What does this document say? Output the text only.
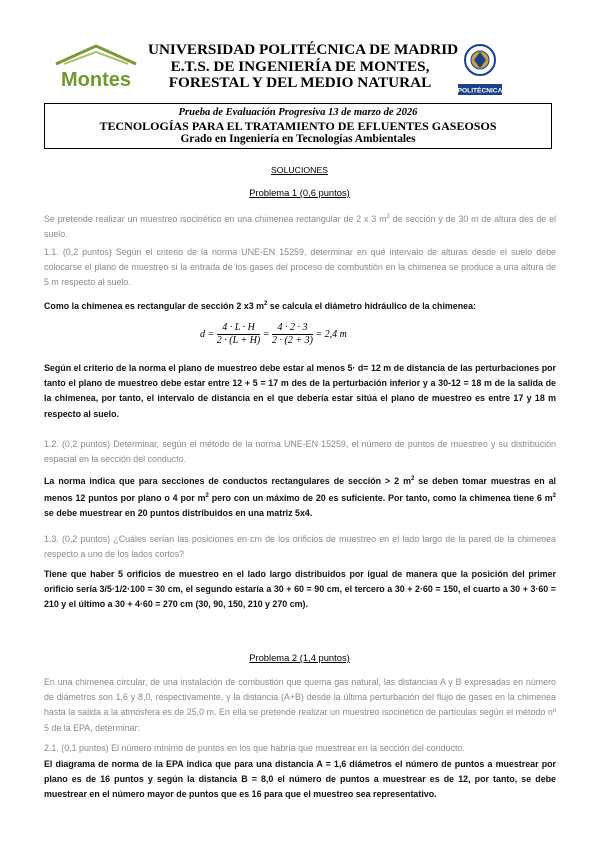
Montes	POLITÉCNICA
UNIVERSIDAD POLITÉCNICA DE MADRID
E.T.S. DE INGENIERÍA DE MONTES,
FORESTAL Y DEL MEDIO NATURAL
Prueba de Evaluación Progresiva 13 de marzo de 2026
TECNOLOGÍAS PARA EL TRATAMIENTO DE EFLUENTES GASEOSOS
Grado en Ingeniería en Tecnologías Ambientales
SOLUCIONES
Problema 1 (0,6 puntos)
Se pretende realizar un muestreo isocinético en una chimenea rectangular de 2 x 3 $m^2$ de sección y de 30 m de altura des de el suelo.
1.1. (0,2 puntos) Según el criterio de la norma UNE-EN 15259, determinar en qué intervalo de alturas desde el suelo debe colocarse el plano de muestreo si la entrada de los gases del proceso de combustión en la chimenea se produce a una altura de 5 m respecto al suelo.
Como la chimenea es rectangular de sección 2 x3 $m^2$ se calcula el diámetro hidráulico de la chimenea:
$d = \frac{4 \cdot L \cdot H}{2 \cdot (L + H)} = \frac{4 \cdot 2 \cdot 3}{2 \cdot (2 + 3)} = 2,4$ m
Según el criterio de la norma el plano de muestreo debe estar al menos 5· d= 12 m de distancia de las perturbaciones por tanto el plano de muestreo debe estar entre 12 + 5 = 17 m des de la perturbación inferior y a 30-12 = 18 m de la salida de la chimenea, por tanto, el intervalo de distancia en el que debería estar sitúa el plano de muestreo es entre 17 y 18 m respecto al suelo.
1.2. (0,2 puntos) Determinar, según el método de la norma UNE-EN 15259, el número de puntos de muestreo y su distribución espacial en la sección del conducto.
La norma indica que para secciones de conductos rectangulares de sección > 2 $m^2$ se deben tomar muestras en al menos 12 puntos por plano o 4 por $m^2$ pero con un máximo de 20 es suficiente. Por tanto, como la chimenea tiene 6 $m^2$ se debe muestrear en 20 puntos distribuidos en una matriz 5x4.
1.3. (0,2 puntos) ¿Cuáles serían las posiciones en cm de los orificios de muestreo en el lado largo de la pared de la chimenea respecto a uno de los lados cortos?
Tiene que haber 5 orificios de muestreo en el lado largo distribuidos por igual de manera que la posición del primer orificio sería 3/5·1/2·100 = 30 cm, el segundo estaría a 30 + 60 = 90 cm, el tercero a 30 + 2·60 = 150, el cuarto a 30 + 3·60 = 210 y el último a 30 + 4·60 = 270 cm (30, 90, 150, 210 y 270 cm).
Problema 2 (1,4 puntos)
En una chimenea circular, de una instalación de combustión que quema gas natural, las distancias A y B expresadas en número de diámetros son 1,6 y 8,0, respectivamente, y la distancia (A+B) desde la última perturbación del flujo de gases en la chimenea hasta la salida a la atmósfera es de 25,0 m. En ella se pretende realizar un muestreo isocinético de partículas según el método nº 5 de la EPA, determinar:
2.1. (0,1 puntos) El número mínimo de puntos en los que habría que muestrear en la sección del conducto.
El diagrama de norma de la EPA indica que para una distancia A = 1,6 diámetros el número de puntos a muestrear por plano es de 16 puntos y según la distancia B = 8,0 el número de puntos a muestrear es de 12, por tanto, se debe muestrear en el número mayor de puntos que es 16 para que el muestreo sea representativo.
